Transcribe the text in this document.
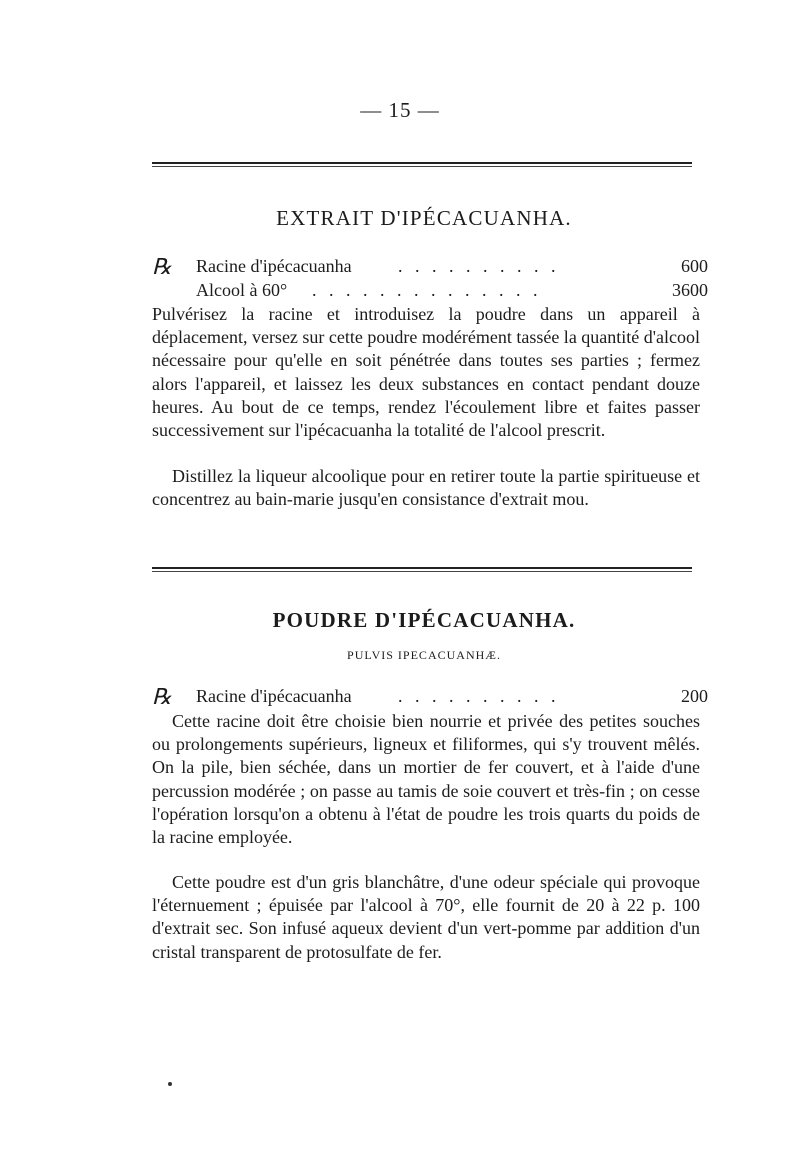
— 15 —
EXTRAIT D'IPÉCACUANHA.
℞ Racine d'ipécacuanha	. . . . . . . . . .	600
Alcool à 60° . . . . . . . . . . . . . .	3600

Pulvérisez la racine et introduisez la poudre dans un appareil à déplacement, versez sur cette poudre modérément tassée la quantité d'alcool nécessaire pour qu'elle en soit pénétrée dans toutes ses parties ; fermez alors l'appareil, et laissez les deux substances en contact pendant douze heures. Au bout de ce temps, rendez l'écoulement libre et faites passer successivement sur l'ipécacuanha la totalité de l'alcool prescrit.

Distillez la liqueur alcoolique pour en retirer toute la partie spiritueuse et concentrez au bain-marie jusqu'en consistance d'extrait mou.

POUDRE D'IPÉCACUANHA.
PULVIS IPECACUANHÆ.
℞ Racine d'ipécacuanha	. . . . . . . . . .	200

Cette racine doit être choisie bien nourrie et privée des petites souches ou prolongements supérieurs, ligneux et filiformes, qui s'y trouvent mêlés. On la pile, bien séchée, dans un mortier de fer couvert, et à l'aide d'une percussion modérée ; on passe au tamis de soie couvert et très-fin ; on cesse l'opération lorsqu'on a obtenu à l'état de poudre les trois quarts du poids de la racine employée.

Cette poudre est d'un gris blanchâtre, d'une odeur spéciale qui provoque l'éternuement ; épuisée par l'alcool à 70°, elle fournit de 20 à 22 p. 100 d'extrait sec. Son infusé aqueux devient d'un vert-pomme par addition d'un cristal transparent de protosulfate de fer.
